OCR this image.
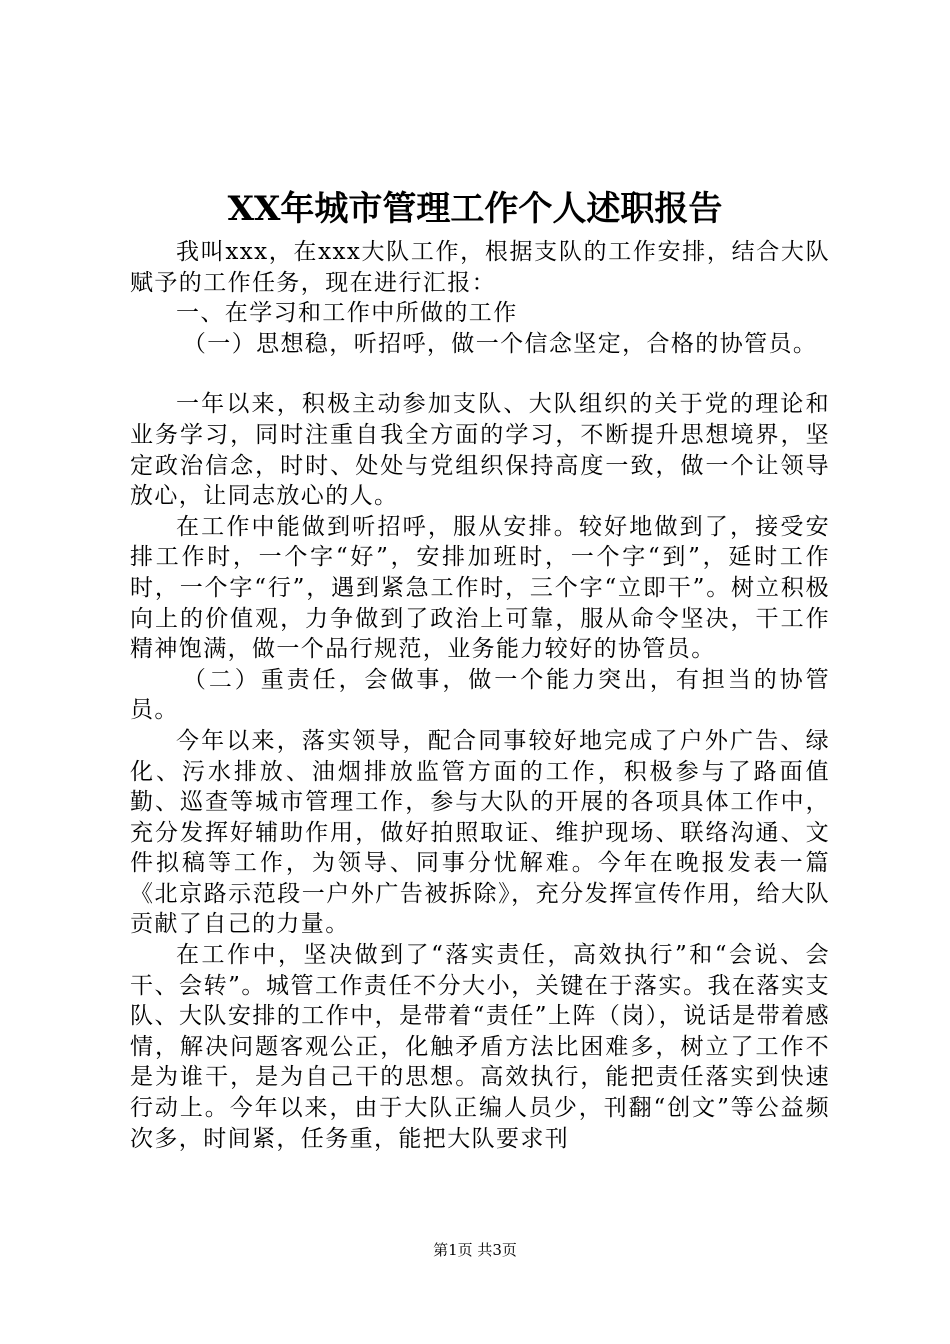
XX年城市管理工作个人述职报告

我叫xxx，在xxx大队工作，根据支队的工作安排，结合大队赋予的工作任务，现在进行汇报：

一、在学习和工作中所做的工作

（一）思想稳，听招呼，做一个信念坚定，合格的协管员。

一年以来，积极主动参加支队、大队组织的关于党的理论和业务学习，同时注重自我全方面的学习，不断提升思想境界，坚定政治信念，时时、处处与党组织保持高度一致，做一个让领导放心，让同志放心的人。

在工作中能做到听招呼，服从安排。较好地做到了，接受安排工作时，一个字“好”，安排加班时，一个字“到”，延时工作时，一个字“行”，遇到紧急工作时，三个字“立即干”。树立积极向上的价值观，力争做到了政治上可靠，服从命令坚决，干工作精神饱满，做一个品行规范，业务能力较好的协管员。

（二）重责任，会做事，做一个能力突出，有担当的协管员。

今年以来，落实领导，配合同事较好地完成了户外广告、绿化、污水排放、油烟排放监管方面的工作，积极参与了路面值勤、巡查等城市管理工作，参与大队的开展的各项具体工作中，充分发挥好辅助作用，做好拍照取证、维护现场、联络沟通、文件拟稿等工作，为领导、同事分忧解难。今年在晚报发表一篇《北京路示范段一户外广告被拆除》，充分发挥宣传作用，给大队贡献了自己的力量。

在工作中，坚决做到了“落实责任，高效执行”和“会说、会干、会转”。城管工作责任不分大小，关键在于落实。我在落实支队、大队安排的工作中，是带着“责任”上阵（岗），说话是带着感情，解决问题客观公正，化触矛盾方法比困难多，树立了工作不是为谁干，是为自己干的思想。高效执行，能把责任落实到快速行动上。今年以来，由于大队正编人员少，刊翻“创文”等公益频次多，时间紧，任务重，能把大队要求刊

第1页 共3页
